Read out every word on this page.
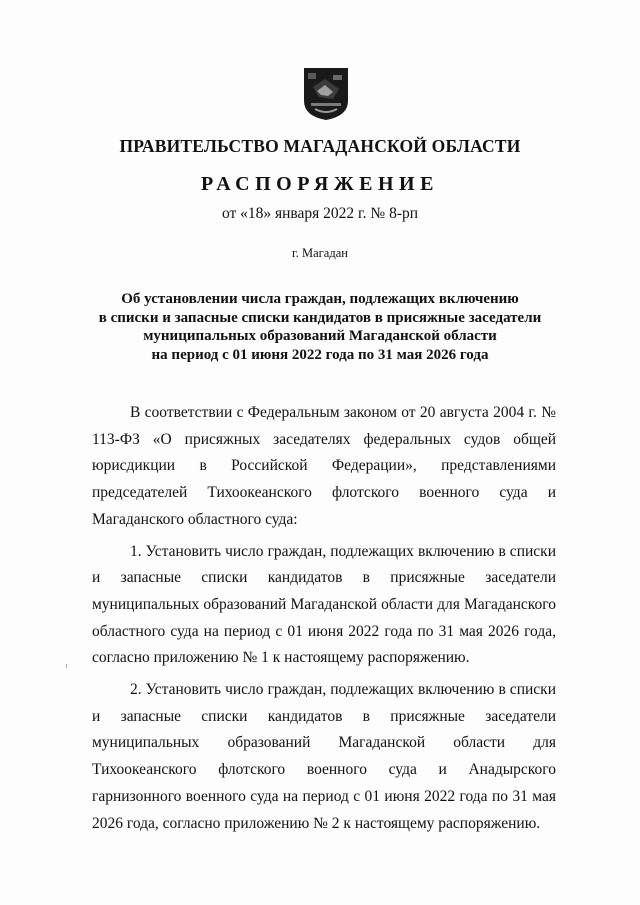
ПРАВИТЕЛЬСТВО МАГАДАНСКОЙ ОБЛАСТИ
РАСПОРЯЖЕНИЕ
от «18» января 2022 г. № 8-рп
г. Магадан
Об установлении числа граждан, подлежащих включению
в списки и запасные списки кандидатов в присяжные заседатели
муниципальных образований Магаданской области
на период с 01 июня 2022 года по 31 мая 2026 года

В соответствии с Федеральным законом от 20 августа 2004 г. № 113-ФЗ «О присяжных заседателях федеральных судов общей юрисдикции в Российской Федерации», представлениями председателей Тихоокеанского флотского военного суда и Магаданского областного суда:

1. Установить число граждан, подлежащих включению в списки и запасные списки кандидатов в присяжные заседатели муниципальных образований Магаданской области для Магаданского областного суда на период с 01 июня 2022 года по 31 мая 2026 года, согласно приложению № 1 к настоящему распоряжению.

2. Установить число граждан, подлежащих включению в списки и запасные списки кандидатов в присяжные заседатели муниципальных образований Магаданской области для Тихоокеанского флотского военного суда и Анадырского гарнизонного военного суда на период с 01 июня 2022 года по 31 мая 2026 года, согласно приложению № 2 к настоящему распоряжению.
